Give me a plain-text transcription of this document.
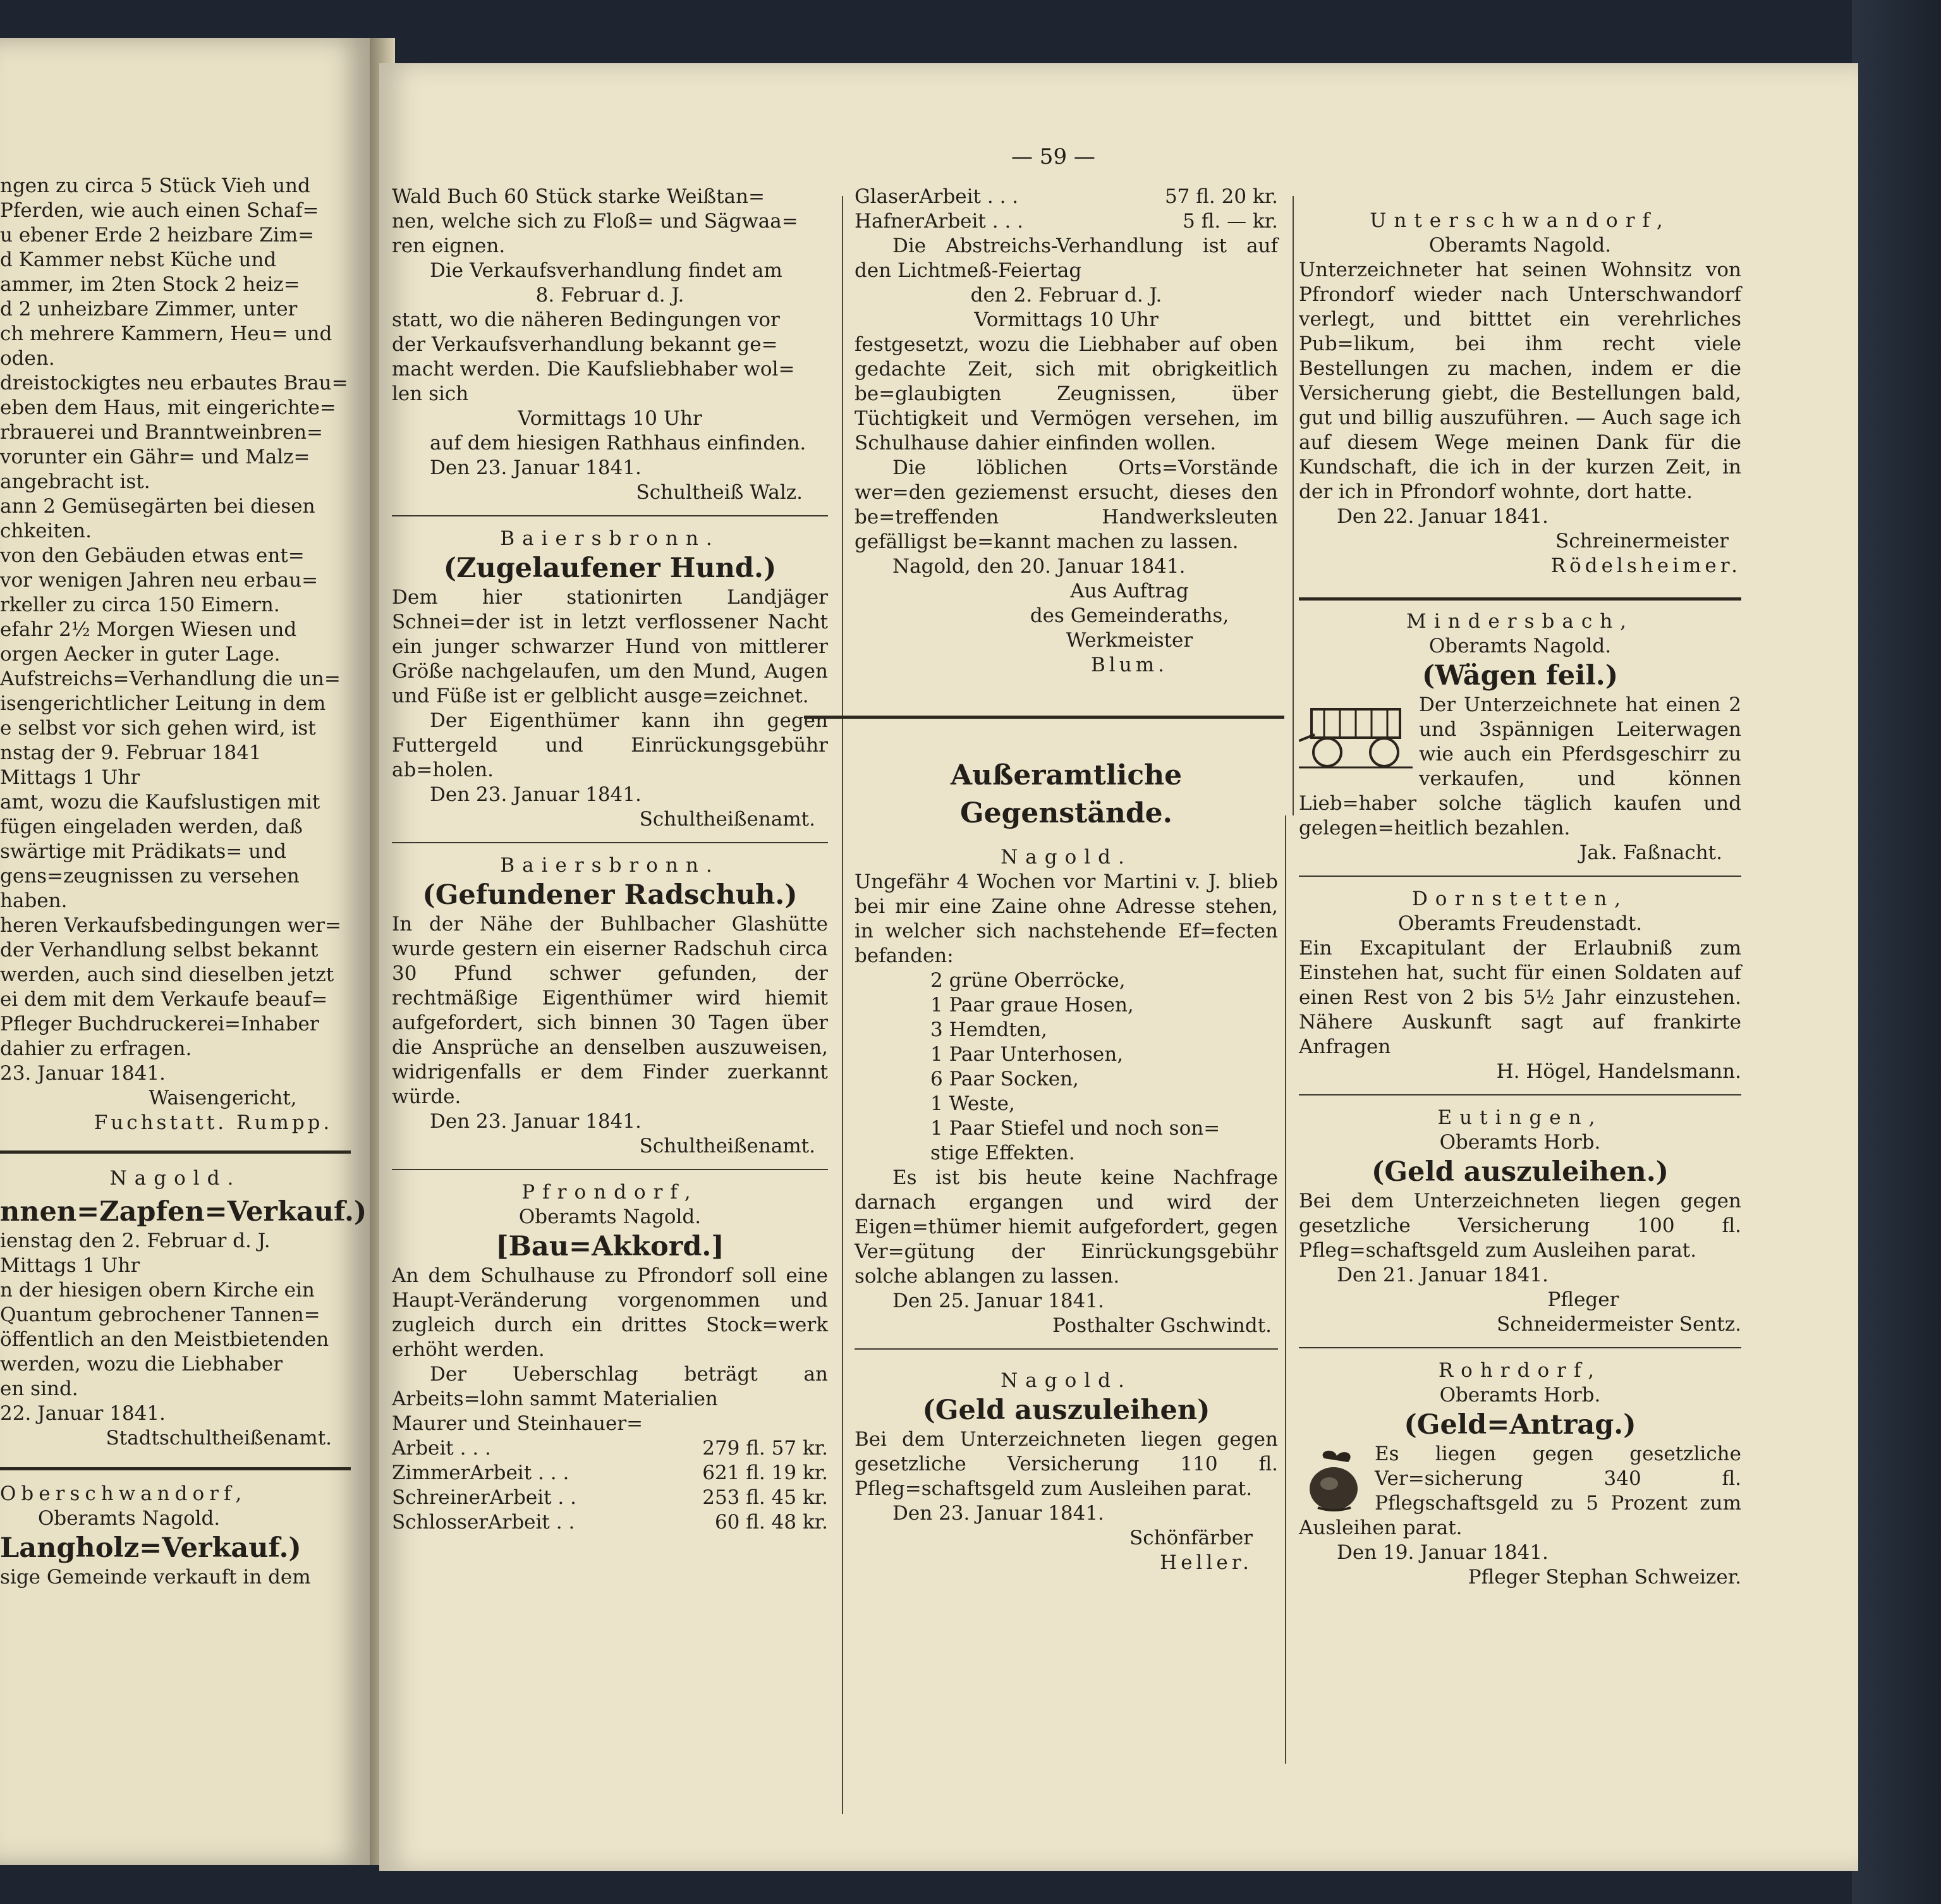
ngen zu circa 5 Stück Vieh und

Pferden, wie auch einen Schaf=

u ebener Erde 2 heizbare Zim=

d Kammer nebst Küche und

ammer, im 2ten Stock 2 heiz=

d 2 unheizbare Zimmer, unter

ch mehrere Kammern, Heu= und

oden.

dreistockigtes neu erbautes Brau=

eben dem Haus, mit eingerichte=

rbrauerei und Branntweinbren=

vorunter ein Gähr= und Malz=

angebracht ist.

ann 2 Gemüsegärten bei diesen

chkeiten.

von den Gebäuden etwas ent=

vor wenigen Jahren neu erbau=

rkeller zu circa 150 Eimern.

efahr 2½ Morgen Wiesen und

orgen Aecker in guter Lage.

Aufstreichs=Verhandlung die un=

isengerichtlicher Leitung in dem

e selbst vor sich gehen wird, ist

nstag der 9. Februar 1841

Mittags 1 Uhr

amt, wozu die Kaufslustigen mit

fügen eingeladen werden, daß

swärtige mit Prädikats= und

gens=zeugnissen zu versehen haben.

heren Verkaufsbedingungen wer=

der Verhandlung selbst bekannt

werden, auch sind dieselben jetzt

ei dem mit dem Verkaufe beauf=

Pfleger Buchdruckerei=Inhaber

dahier zu erfragen.

23. Januar 1841.

Waisengericht,

Fuchstatt. Rumpp.

Nagold.

nnen=Zapfen=Verkauf.)

ienstag den 2. Februar d. J.

Mittags 1 Uhr

n der hiesigen obern Kirche ein

Quantum gebrochener Tannen=

öffentlich an den Meistbietenden

werden, wozu die Liebhaber

en sind.

22. Januar 1841.

Stadtschultheißenamt.

Oberschwandorf,

Oberamts Nagold.

Langholz=Verkauf.)

sige Gemeinde verkauft in dem

— 59 —

Wald Buch 60 Stück starke Weißtan=

nen, welche sich zu Floß= und Sägwaa=

ren eignen.

Die Verkaufsverhandlung findet am

8. Februar d. J.

statt, wo die näheren Bedingungen vor

der Verkaufsverhandlung bekannt ge=

macht werden. Die Kaufsliebhaber wol=

len sich

Vormittags 10 Uhr

auf dem hiesigen Rathhaus einfinden.

Den 23. Januar 1841.

Schultheiß Walz.

Baiersbronn.

(Zugelaufener Hund.)

Dem hier stationirten Landjäger Schnei=der ist in letzt verflossener Nacht ein junger schwarzer Hund von mittlerer Größe nachgelaufen, um den Mund, Augen und Füße ist er gelblicht ausge=zeichnet.

Der Eigenthümer kann ihn gegen Futtergeld und Einrückungsgebühr ab=holen.

Den 23. Januar 1841.

Schultheißenamt.

Baiersbronn.

(Gefundener Radschuh.)

In der Nähe der Buhlbacher Glashütte wurde gestern ein eiserner Radschuh circa 30 Pfund schwer gefunden, der rechtmäßige Eigenthümer wird hiemit aufgefordert, sich binnen 30 Tagen über die Ansprüche an denselben auszuweisen, widrigenfalls er dem Finder zuerkannt würde.

Den 23. Januar 1841.

Schultheißenamt.

Pfrondorf,

Oberamts Nagold.

[Bau=Akkord.]

An dem Schulhause zu Pfrondorf soll eine Haupt-Veränderung vorgenommen und zugleich durch ein drittes Stock=werk erhöht werden.

Der Ueberschlag beträgt an Arbeits=lohn sammt Materialien

Maurer und Steinhauer=

Arbeit . . .	279 fl. 57 kr.
ZimmerArbeit . . .	621 fl. 19 kr.
SchreinerArbeit . .	253 fl. 45 kr.
SchlosserArbeit . .	60 fl. 48 kr.
GlaserArbeit . . .	57 fl. 20 kr.
HafnerArbeit . . .	5 fl. — kr.

Die Abstreichs-Verhandlung ist auf den Lichtmeß-Feiertag

den 2. Februar d. J.

Vormittags 10 Uhr

festgesetzt, wozu die Liebhaber auf oben gedachte Zeit, sich mit obrigkeitlich be=glaubigten Zeugnissen, über Tüchtigkeit und Vermögen versehen, im Schulhause dahier einfinden wollen.

Die löblichen Orts=Vorstände wer=den geziemenst ersucht, dieses den be=treffenden Handwerksleuten gefälligst be=kannt machen zu lassen.

Nagold, den 20. Januar 1841.

Aus Auftrag

des Gemeinderaths,

Werkmeister

Blum.

Außeramtliche Gegenstände.

Nagold.

Ungefähr 4 Wochen vor Martini v. J. blieb bei mir eine Zaine ohne Adresse stehen, in welcher sich nachstehende Ef=fecten befanden:

2 grüne Oberröcke,

1 Paar graue Hosen,

3 Hemdten,

1 Paar Unterhosen,

6 Paar Socken,

1 Weste,

1 Paar Stiefel und noch son=

stige Effekten.

Es ist bis heute keine Nachfrage darnach ergangen und wird der Eigen=thümer hiemit aufgefordert, gegen Ver=gütung der Einrückungsgebühr solche ablangen zu lassen.

Den 25. Januar 1841.

Posthalter Gschwindt.

Nagold.

(Geld auszuleihen)

Bei dem Unterzeichneten liegen gegen gesetzliche Versicherung 110 fl. Pfleg=schaftsgeld zum Ausleihen parat.

Den 23. Januar 1841.

Schönfärber

Heller.

Unterschwandorf,

Oberamts Nagold.

Unterzeichneter hat seinen Wohnsitz von Pfrondorf wieder nach Unterschwandorf verlegt, und bitttet ein verehrliches Pub=likum, bei ihm recht viele Bestellungen zu machen, indem er die Versicherung giebt, die Bestellungen bald, gut und billig auszuführen. — Auch sage ich auf diesem Wege meinen Dank für die Kundschaft, die ich in der kurzen Zeit, in der ich in Pfrondorf wohnte, dort hatte.

Den 22. Januar 1841.

Schreinermeister

Rödelsheimer.

Mindersbach,

Oberamts Nagold.

(Wägen feil.)

Der Unterzeichnete hat einen 2 und 3spännigen Leiterwagen wie auch ein Pferdsgeschirr zu verkaufen, und können Lieb=haber solche täglich kaufen und gelegen=heitlich bezahlen.

Jak. Faßnacht.

Dornstetten,

Oberamts Freudenstadt.

Ein Excapitulant der Erlaubniß zum Einstehen hat, sucht für einen Soldaten auf einen Rest von 2 bis 5½ Jahr einzustehen. Nähere Auskunft sagt auf frankirte Anfragen

H. Högel, Handelsmann.

Eutingen,

Oberamts Horb.

(Geld auszuleihen.)

Bei dem Unterzeichneten liegen gegen gesetzliche Versicherung 100 fl. Pfleg=schaftsgeld zum Ausleihen parat.

Den 21. Januar 1841.

Pfleger

Schneidermeister Sentz.

Rohrdorf,

Oberamts Horb.

(Geld=Antrag.)

Es liegen gegen gesetzliche Ver=sicherung 340 fl. Pflegschaftsgeld zu 5 Prozent zum Ausleihen parat.

Den 19. Januar 1841.

Pfleger Stephan Schweizer.
